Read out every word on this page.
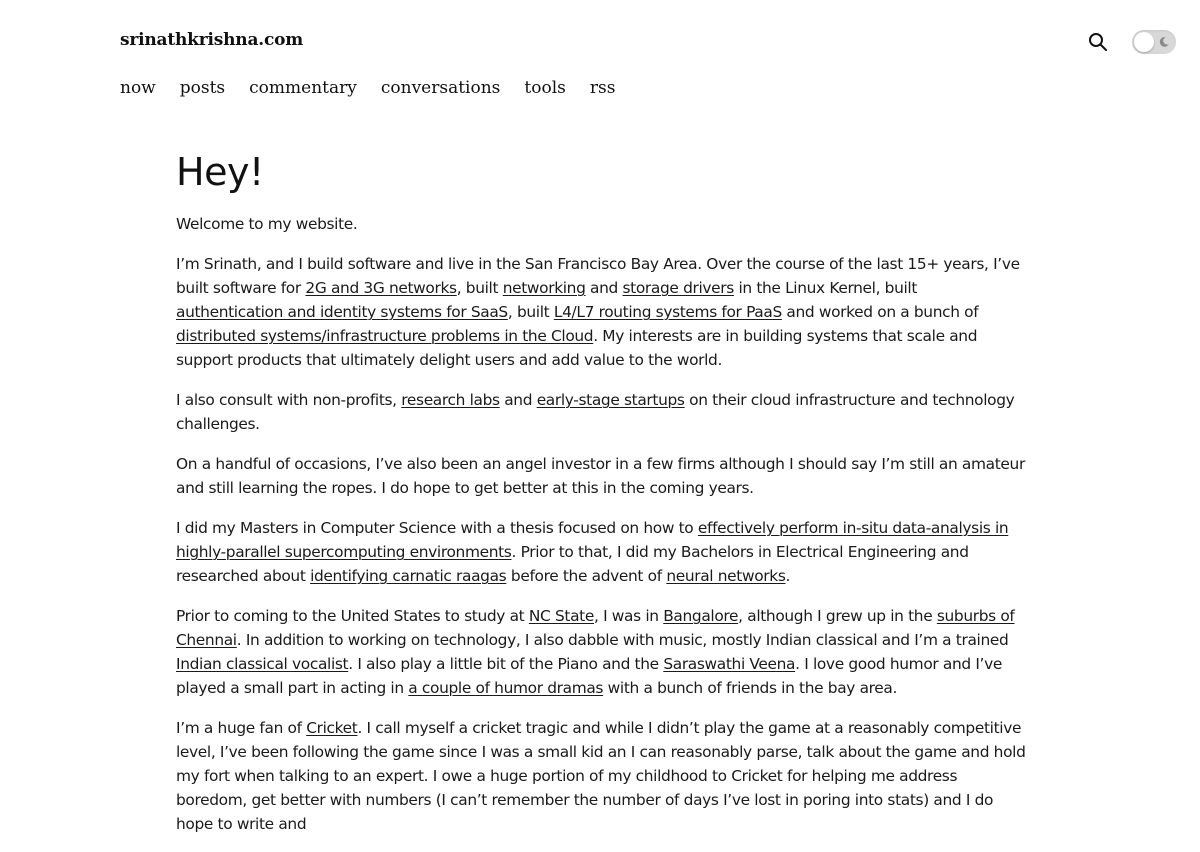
srinathkrishna.com
now posts commentary conversations tools rss
Hey!

Welcome to my website.

I’m Srinath, and I build software and live in the San Francisco Bay Area. Over the course of the last 15+ years, I’ve built software for 2G and 3G networks, built networking and storage drivers in the Linux Kernel, built authentication and identity systems for SaaS, built L4/L7 routing systems for PaaS and worked on a bunch of distributed systems/infrastructure problems in the Cloud. My interests are in building systems that scale and support products that ultimately delight users and add value to the world.

I also consult with non-profits, research labs and early-stage startups on their cloud infrastructure and technology challenges.

On a handful of occasions, I’ve also been an angel investor in a few firms although I should say I’m still an amateur and still learning the ropes. I do hope to get better at this in the coming years.

I did my Masters in Computer Science with a thesis focused on how to effectively perform in-situ data-analysis in highly-parallel supercomputing environments. Prior to that, I did my Bachelors in Electrical Engineering and researched about identifying carnatic raagas before the advent of neural networks.

Prior to coming to the United States to study at NC State, I was in Bangalore, although I grew up in the suburbs of Chennai. In addition to working on technology, I also dabble with music, mostly Indian classical and I’m a trained Indian classical vocalist. I also play a little bit of the Piano and the Saraswathi Veena. I love good humor and I’ve played a small part in acting in a couple of humor dramas with a bunch of friends in the bay area.

I’m a huge fan of Cricket. I call myself a cricket tragic and while I didn’t play the game at a reasonably competitive level, I’ve been following the game since I was a small kid an I can reasonably parse, talk about the game and hold my fort when talking to an expert. I owe a huge portion of my childhood to Cricket for helping me address boredom, get better with numbers (I can’t remember the number of days I’ve lost in poring into stats) and I do hope to write and
